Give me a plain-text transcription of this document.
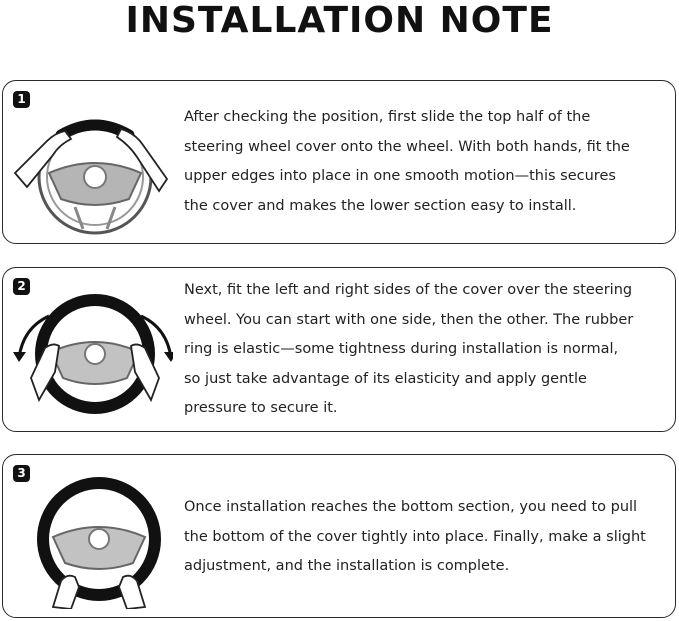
INSTALLATION NOTE
1
After checking the position, first slide the top half of the
steering wheel cover onto the wheel. With both hands, fit the
upper edges into place in one smooth motion—this secures
the cover and makes the lower section easy to install.
2	Next, fit the left and right sides of the cover over the steering
wheel. You can start with one side, then the other. The rubber
ring is elastic—some tightness during installation is normal,
so just take advantage of its elasticity and apply gentle
pressure to secure it.
3
Once installation reaches the bottom section, you need to pull
the bottom of the cover tightly into place. Finally, make a slight
adjustment, and the installation is complete.
